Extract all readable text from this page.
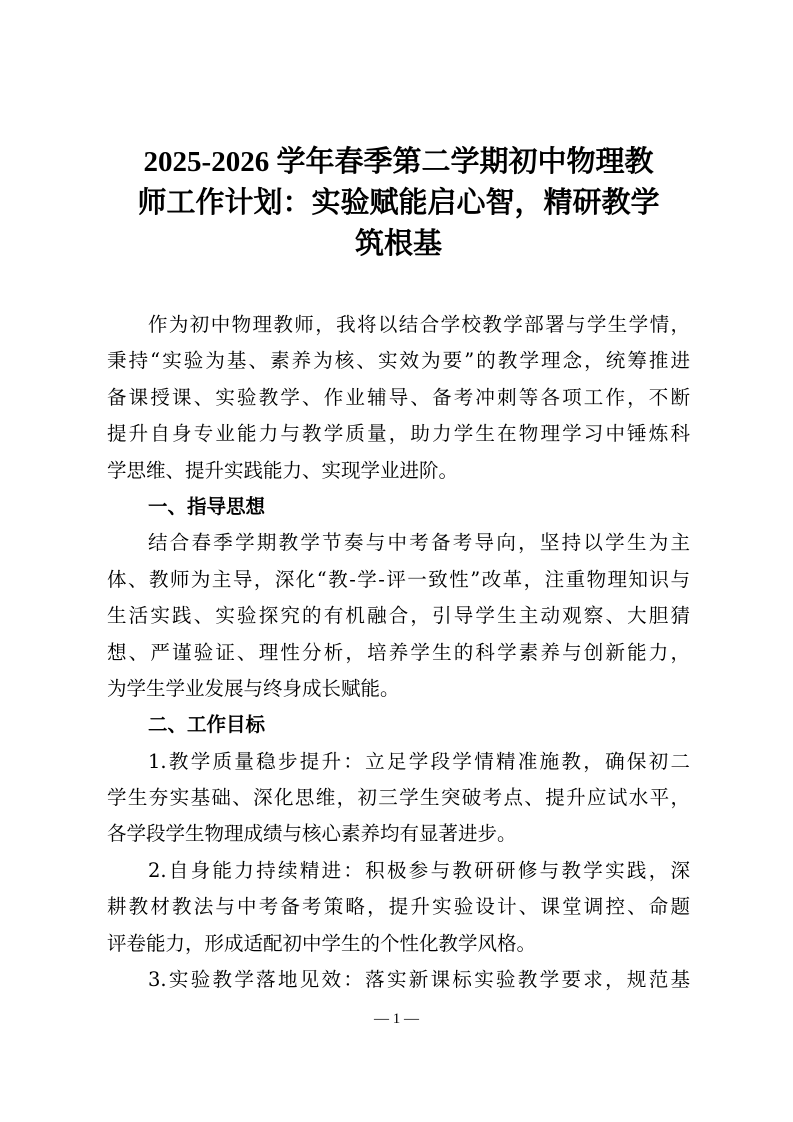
2025-2026 学年春季第二学期初中物理教
师工作计划：实验赋能启心智，精研教学
筑根基
作为初中物理教师，我将以结合学校教学部署与学生学情，
秉持“实验为基、素养为核、实效为要”的教学理念，统筹推进
备课授课、实验教学、作业辅导、备考冲刺等各项工作，不断
提升自身专业能力与教学质量，助力学生在物理学习中锤炼科
学思维、提升实践能力、实现学业进阶。
一、指导思想
结合春季学期教学节奏与中考备考导向，坚持以学生为主
体、教师为主导，深化“教-学-评一致性”改革，注重物理知识与
生活实践、实验探究的有机融合，引导学生主动观察、大胆猜
想、严谨验证、理性分析，培养学生的科学素养与创新能力，
为学生学业发展与终身成长赋能。
二、工作目标
1.教学质量稳步提升：立足学段学情精准施教，确保初二
学生夯实基础、深化思维，初三学生突破考点、提升应试水平，
各学段学生物理成绩与核心素养均有显著进步。
2.自身能力持续精进：积极参与教研研修与教学实践，深
耕教材教法与中考备考策略，提升实验设计、课堂调控、命题
评卷能力，形成适配初中学生的个性化教学风格。
3.实验教学落地见效：落实新课标实验教学要求，规范基
— 1 —
